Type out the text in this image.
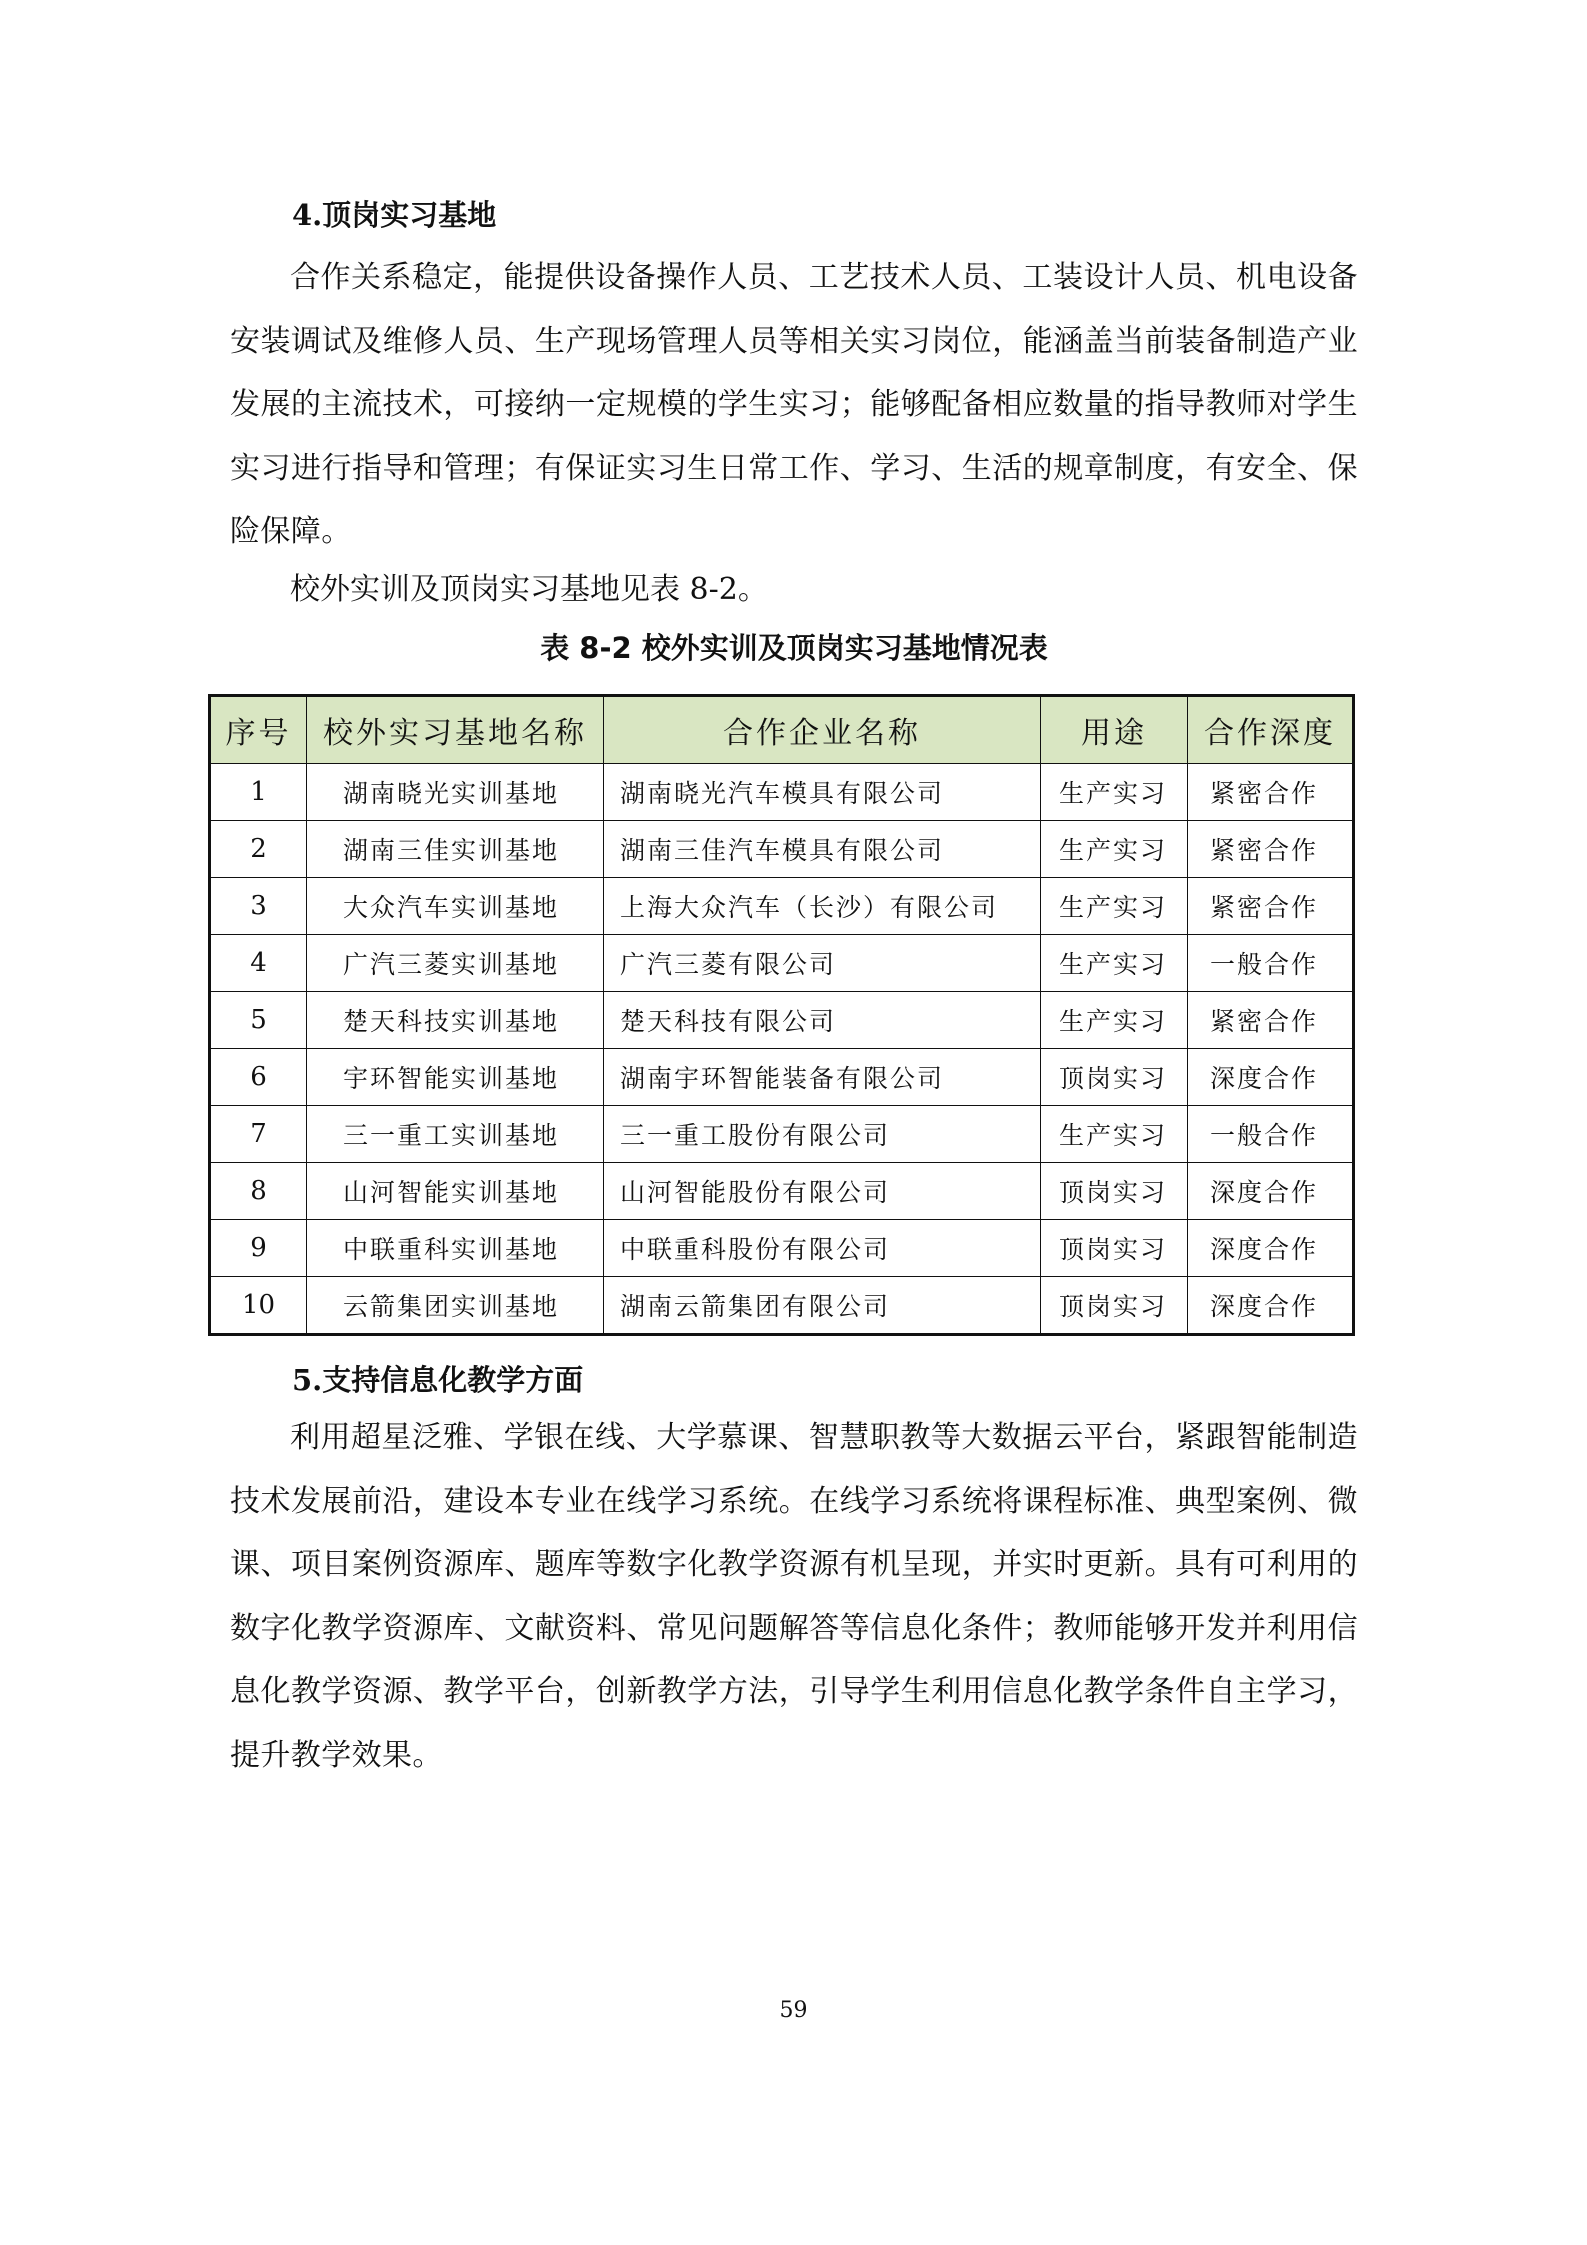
4.顶岗实习基地
合作关系稳定，能提供设备操作人员、工艺技术人员、工装设计人员、机电设备安装调试及维修人员、生产现场管理人员等相关实习岗位，能涵盖当前装备制造产业发展的主流技术，可接纳一定规模的学生实习；能够配备相应数量的指导教师对学生实习进行指导和管理；有保证实习生日常工作、学习、生活的规章制度，有安全、保险保障。
校外实训及顶岗实习基地见表 8-2。
表 8-2 校外实训及顶岗实习基地情况表
序号	校外实习基地名称	合作企业名称	用途	合作深度
1	湖南晓光实训基地	湖南晓光汽车模具有限公司	生产实习	紧密合作
2	湖南三佳实训基地	湖南三佳汽车模具有限公司	生产实习	紧密合作
3	大众汽车实训基地	上海大众汽车（长沙）有限公司	生产实习	紧密合作
4	广汽三菱实训基地	广汽三菱有限公司	生产实习	一般合作
5	楚天科技实训基地	楚天科技有限公司	生产实习	紧密合作
6	宇环智能实训基地	湖南宇环智能装备有限公司	顶岗实习	深度合作
7	三一重工实训基地	三一重工股份有限公司	生产实习	一般合作
8	山河智能实训基地	山河智能股份有限公司	顶岗实习	深度合作
9	中联重科实训基地	中联重科股份有限公司	顶岗实习	深度合作
10	云箭集团实训基地	湖南云箭集团有限公司	顶岗实习	深度合作
5.支持信息化教学方面
利用超星泛雅、学银在线、大学慕课、智慧职教等大数据云平台，紧跟智能制造技术发展前沿，建设本专业在线学习系统。在线学习系统将课程标准、典型案例、微课、项目案例资源库、题库等数字化教学资源有机呈现，并实时更新。具有可利用的数字化教学资源库、文献资料、常见问题解答等信息化条件；教师能够开发并利用信息化教学资源、教学平台，创新教学方法，引导学生利用信息化教学条件自主学习，提升教学效果。
59
